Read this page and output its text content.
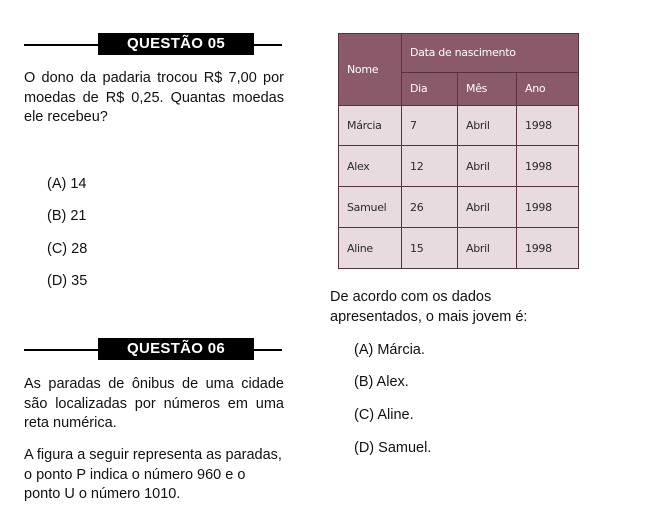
QUESTÃO 05

O dono da padaria trocou R$ 7,00 por moedas de R$ 0,25. Quantas moedas ele recebeu?

(A) 14
(B) 21
(C) 28
(D) 35
QUESTÃO 06

As paradas de ônibus de uma cidade são localizadas por números em uma reta numérica.

A figura a seguir representa as paradas, o ponto P indica o número 960 e o ponto U o número 1010.

Nome	Data de nascimento		
	Dia	Mês	Ano
Márcia	7	Abril	1998
Alex	12	Abril	1998
Samuel	26	Abril	1998
Aline	15	Abril	1998

De acordo com os dados apresentados, o mais jovem é:

(A) Márcia.
(B) Alex.
(C) Aline.
(D) Samuel.
